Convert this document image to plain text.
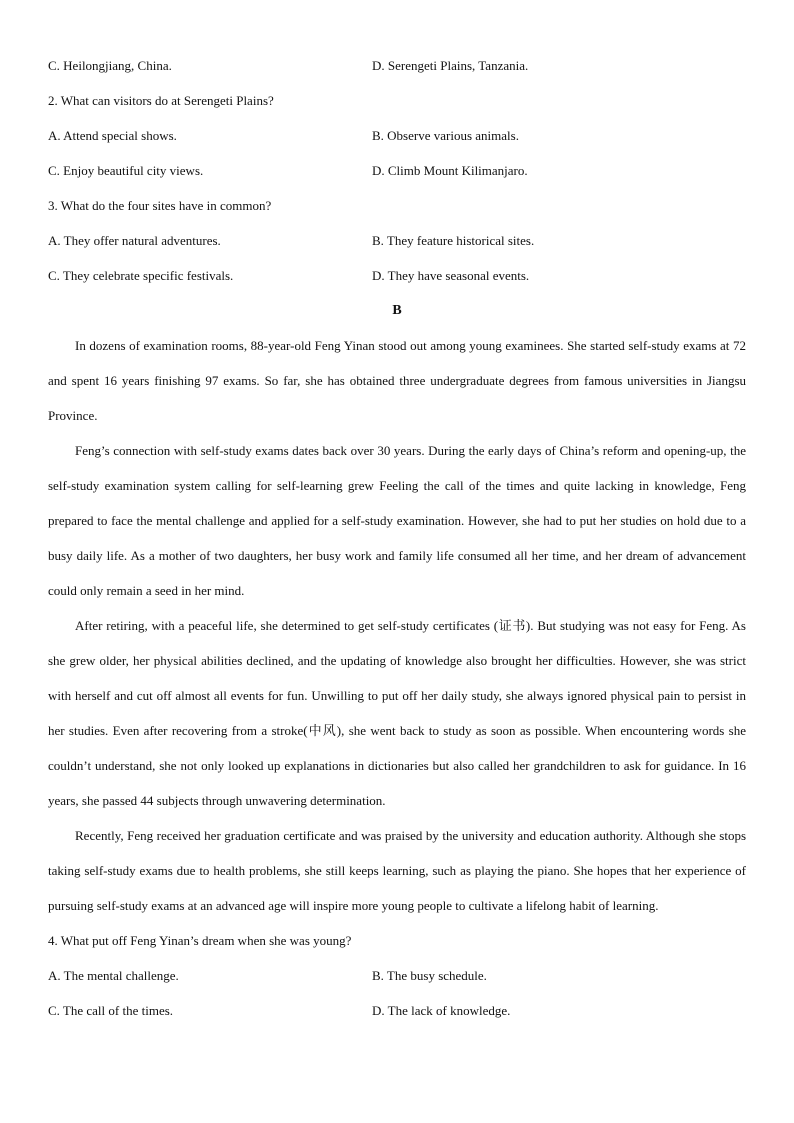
C. Heilongjiang, China.	D. Serengeti Plains, Tanzania.
2. What can visitors do at Serengeti Plains?
A. Attend special shows.	B. Observe various animals.
C. Enjoy beautiful city views.	D. Climb Mount Kilimanjaro.
3. What do the four sites have in common?
A. They offer natural adventures.	B. They feature historical sites.
C. They celebrate specific festivals.	D. They have seasonal events.
B

In dozens of examination rooms, 88-year-old Feng Yinan stood out among young examinees. She started self-study exams at 72 and spent 16 years finishing 97 exams. So far, she has obtained three undergraduate degrees from famous universities in Jiangsu Province.

Feng’s connection with self-study exams dates back over 30 years. During the early days of China’s reform and opening-up, the self-study examination system calling for self-learning grew Feeling the call of the times and quite lacking in knowledge, Feng prepared to face the mental challenge and applied for a self-study examination. However, she had to put her studies on hold due to a busy daily life. As a mother of two daughters, her busy work and family life consumed all her time, and her dream of advancement could only remain a seed in her mind.

After retiring, with a peaceful life, she determined to get self-study certificates (证书). But studying was not easy for Feng. As she grew older, her physical abilities declined, and the updating of knowledge also brought her difficulties. However, she was strict with herself and cut off almost all events for fun. Unwilling to put off her daily study, she always ignored physical pain to persist in her studies. Even after recovering from a stroke(中风), she went back to study as soon as possible. When encountering words she couldn’t understand, she not only looked up explanations in dictionaries but also called her grandchildren to ask for guidance. In 16 years, she passed 44 subjects through unwavering determination.

Recently, Feng received her graduation certificate and was praised by the university and education authority. Although she stops taking self-study exams due to health problems, she still keeps learning, such as playing the piano. She hopes that her experience of pursuing self-study exams at an advanced age will inspire more young people to cultivate a lifelong habit of learning.

4. What put off Feng Yinan’s dream when she was young?
A. The mental challenge.	B. The busy schedule.
C. The call of the times.	D. The lack of knowledge.
